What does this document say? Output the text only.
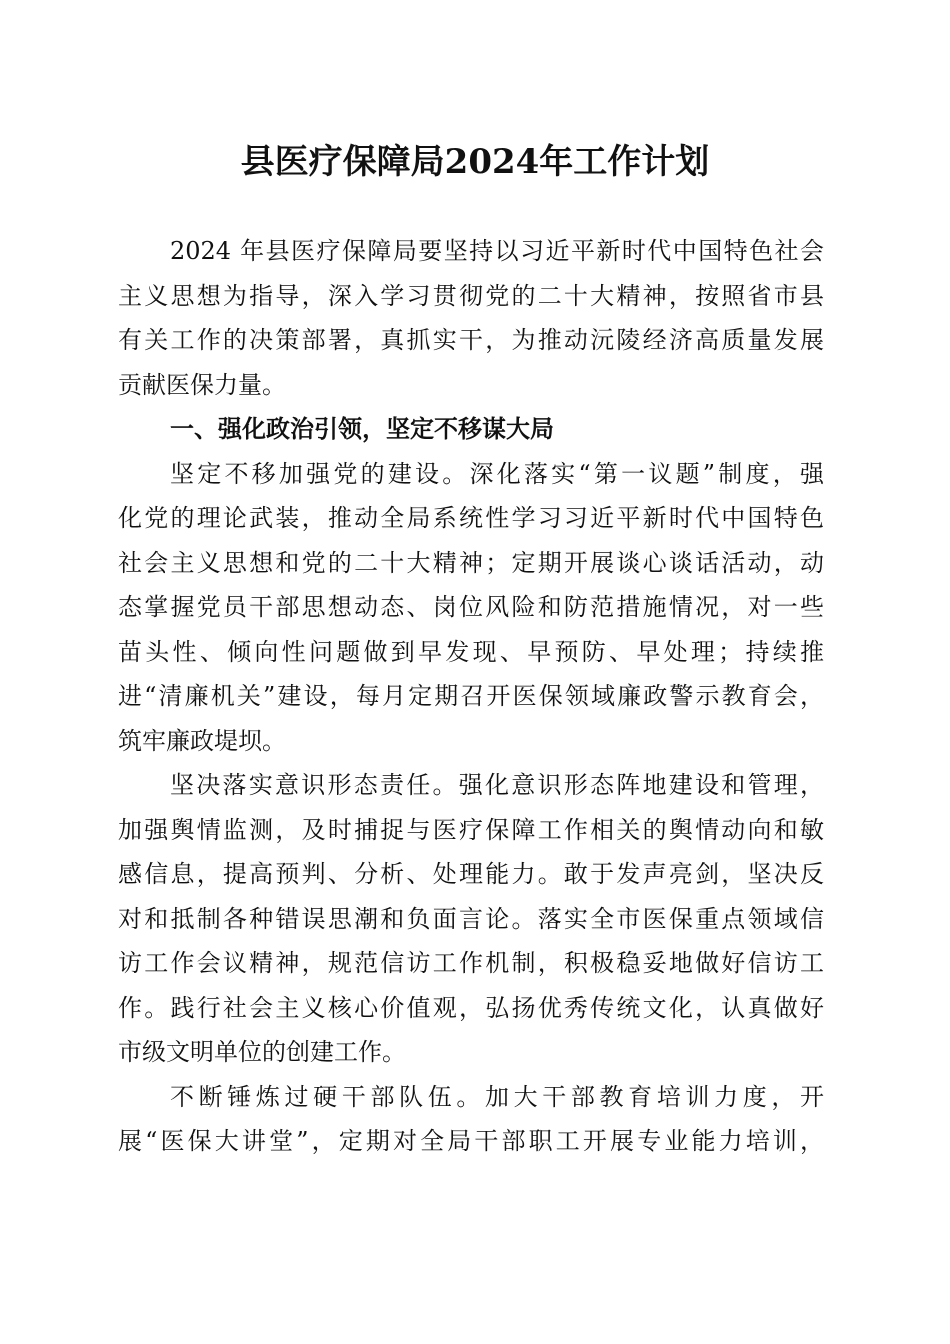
县医疗保障局2024年工作计划
2024 年县医疗保障局要坚持以习近平新时代中国特色社会
主义思想为指导，深入学习贯彻党的二十大精神，按照省市县
有关工作的决策部署，真抓实干，为推动沅陵经济高质量发展
贡献医保力量。
一、强化政治引领，坚定不移谋大局
坚定不移加强党的建设。深化落实“第一议题”制度，强
化党的理论武装，推动全局系统性学习习近平新时代中国特色
社会主义思想和党的二十大精神；定期开展谈心谈话活动，动
态掌握党员干部思想动态、岗位风险和防范措施情况，对一些
苗头性、倾向性问题做到早发现、早预防、早处理；持续推
进“清廉机关”建设，每月定期召开医保领域廉政警示教育会，
筑牢廉政堤坝。
坚决落实意识形态责任。强化意识形态阵地建设和管理，
加强舆情监测，及时捕捉与医疗保障工作相关的舆情动向和敏
感信息，提高预判、分析、处理能力。敢于发声亮剑，坚决反
对和抵制各种错误思潮和负面言论。落实全市医保重点领域信
访工作会议精神，规范信访工作机制，积极稳妥地做好信访工
作。践行社会主义核心价值观，弘扬优秀传统文化，认真做好
市级文明单位的创建工作。
不断锤炼过硬干部队伍。加大干部教育培训力度，开
展“医保大讲堂”，定期对全局干部职工开展专业能力培训，
